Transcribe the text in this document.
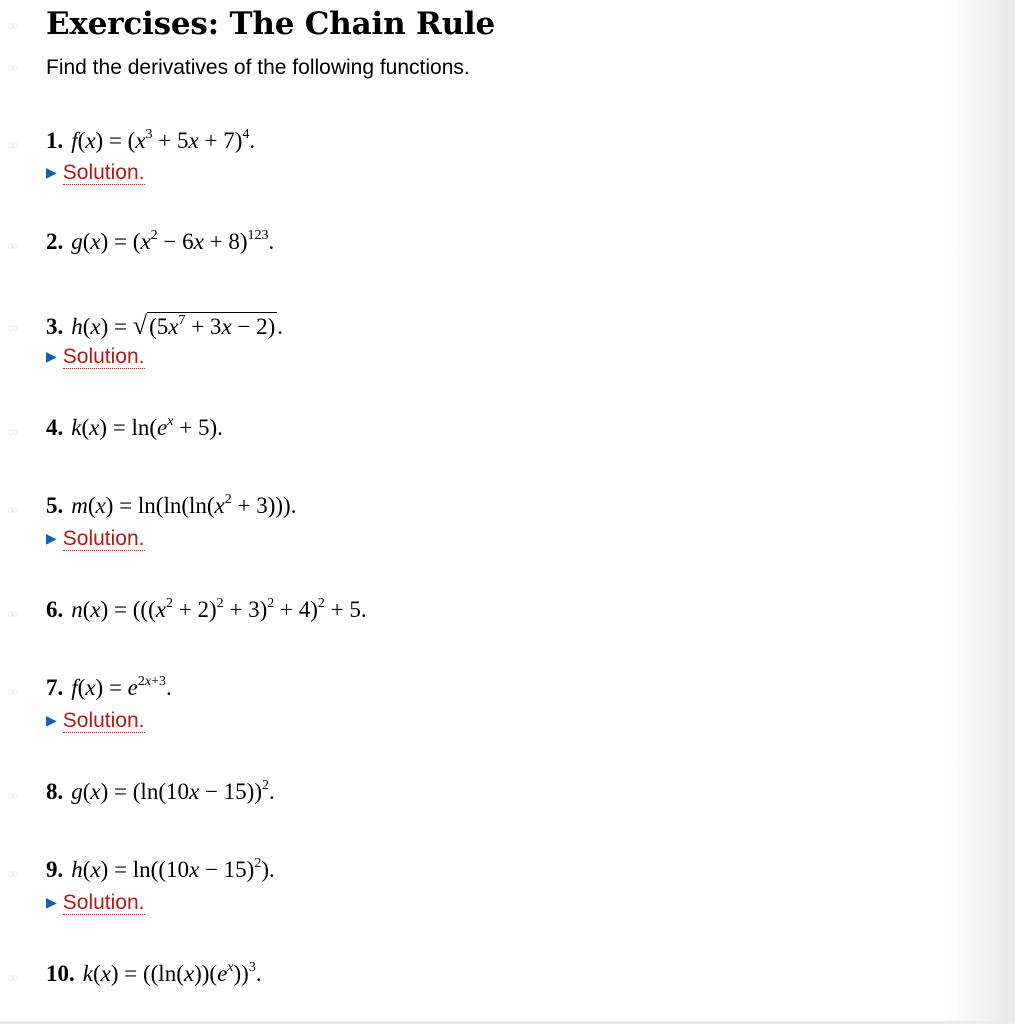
∞
∞
∞
∞
∞
∞
∞
∞
∞
∞
∞
∞
Exercises: The Chain Rule

Find the derivatives of the following functions.

1. $f(x) = (x^3 + 5x + 7)^4$.
▶ Solution.
2. $g(x) = (x^2 - 6x + 8)^{123}$.
3. $h(x) = √(5x^7 + 3x - 2)$.
▶ Solution.
4. $k(x) = \ln(e^x + 5)$.
5. $m(x) = \ln(\ln(\ln(x^2 + 3)))$.
▶ Solution.
6. $n(x) = (((x^2 + 2)^2 + 3)^2 + 4)^2 + 5$.
7. $f(x) = e^{2x+3}$.
▶ Solution.
8. $g(x) = (\ln(10x - 15))^2$.
9. $h(x) = \ln((10x - 15)^2)$.
▶ Solution.
10. $k(x) = ((\ln(x))(e^x))^3$.
